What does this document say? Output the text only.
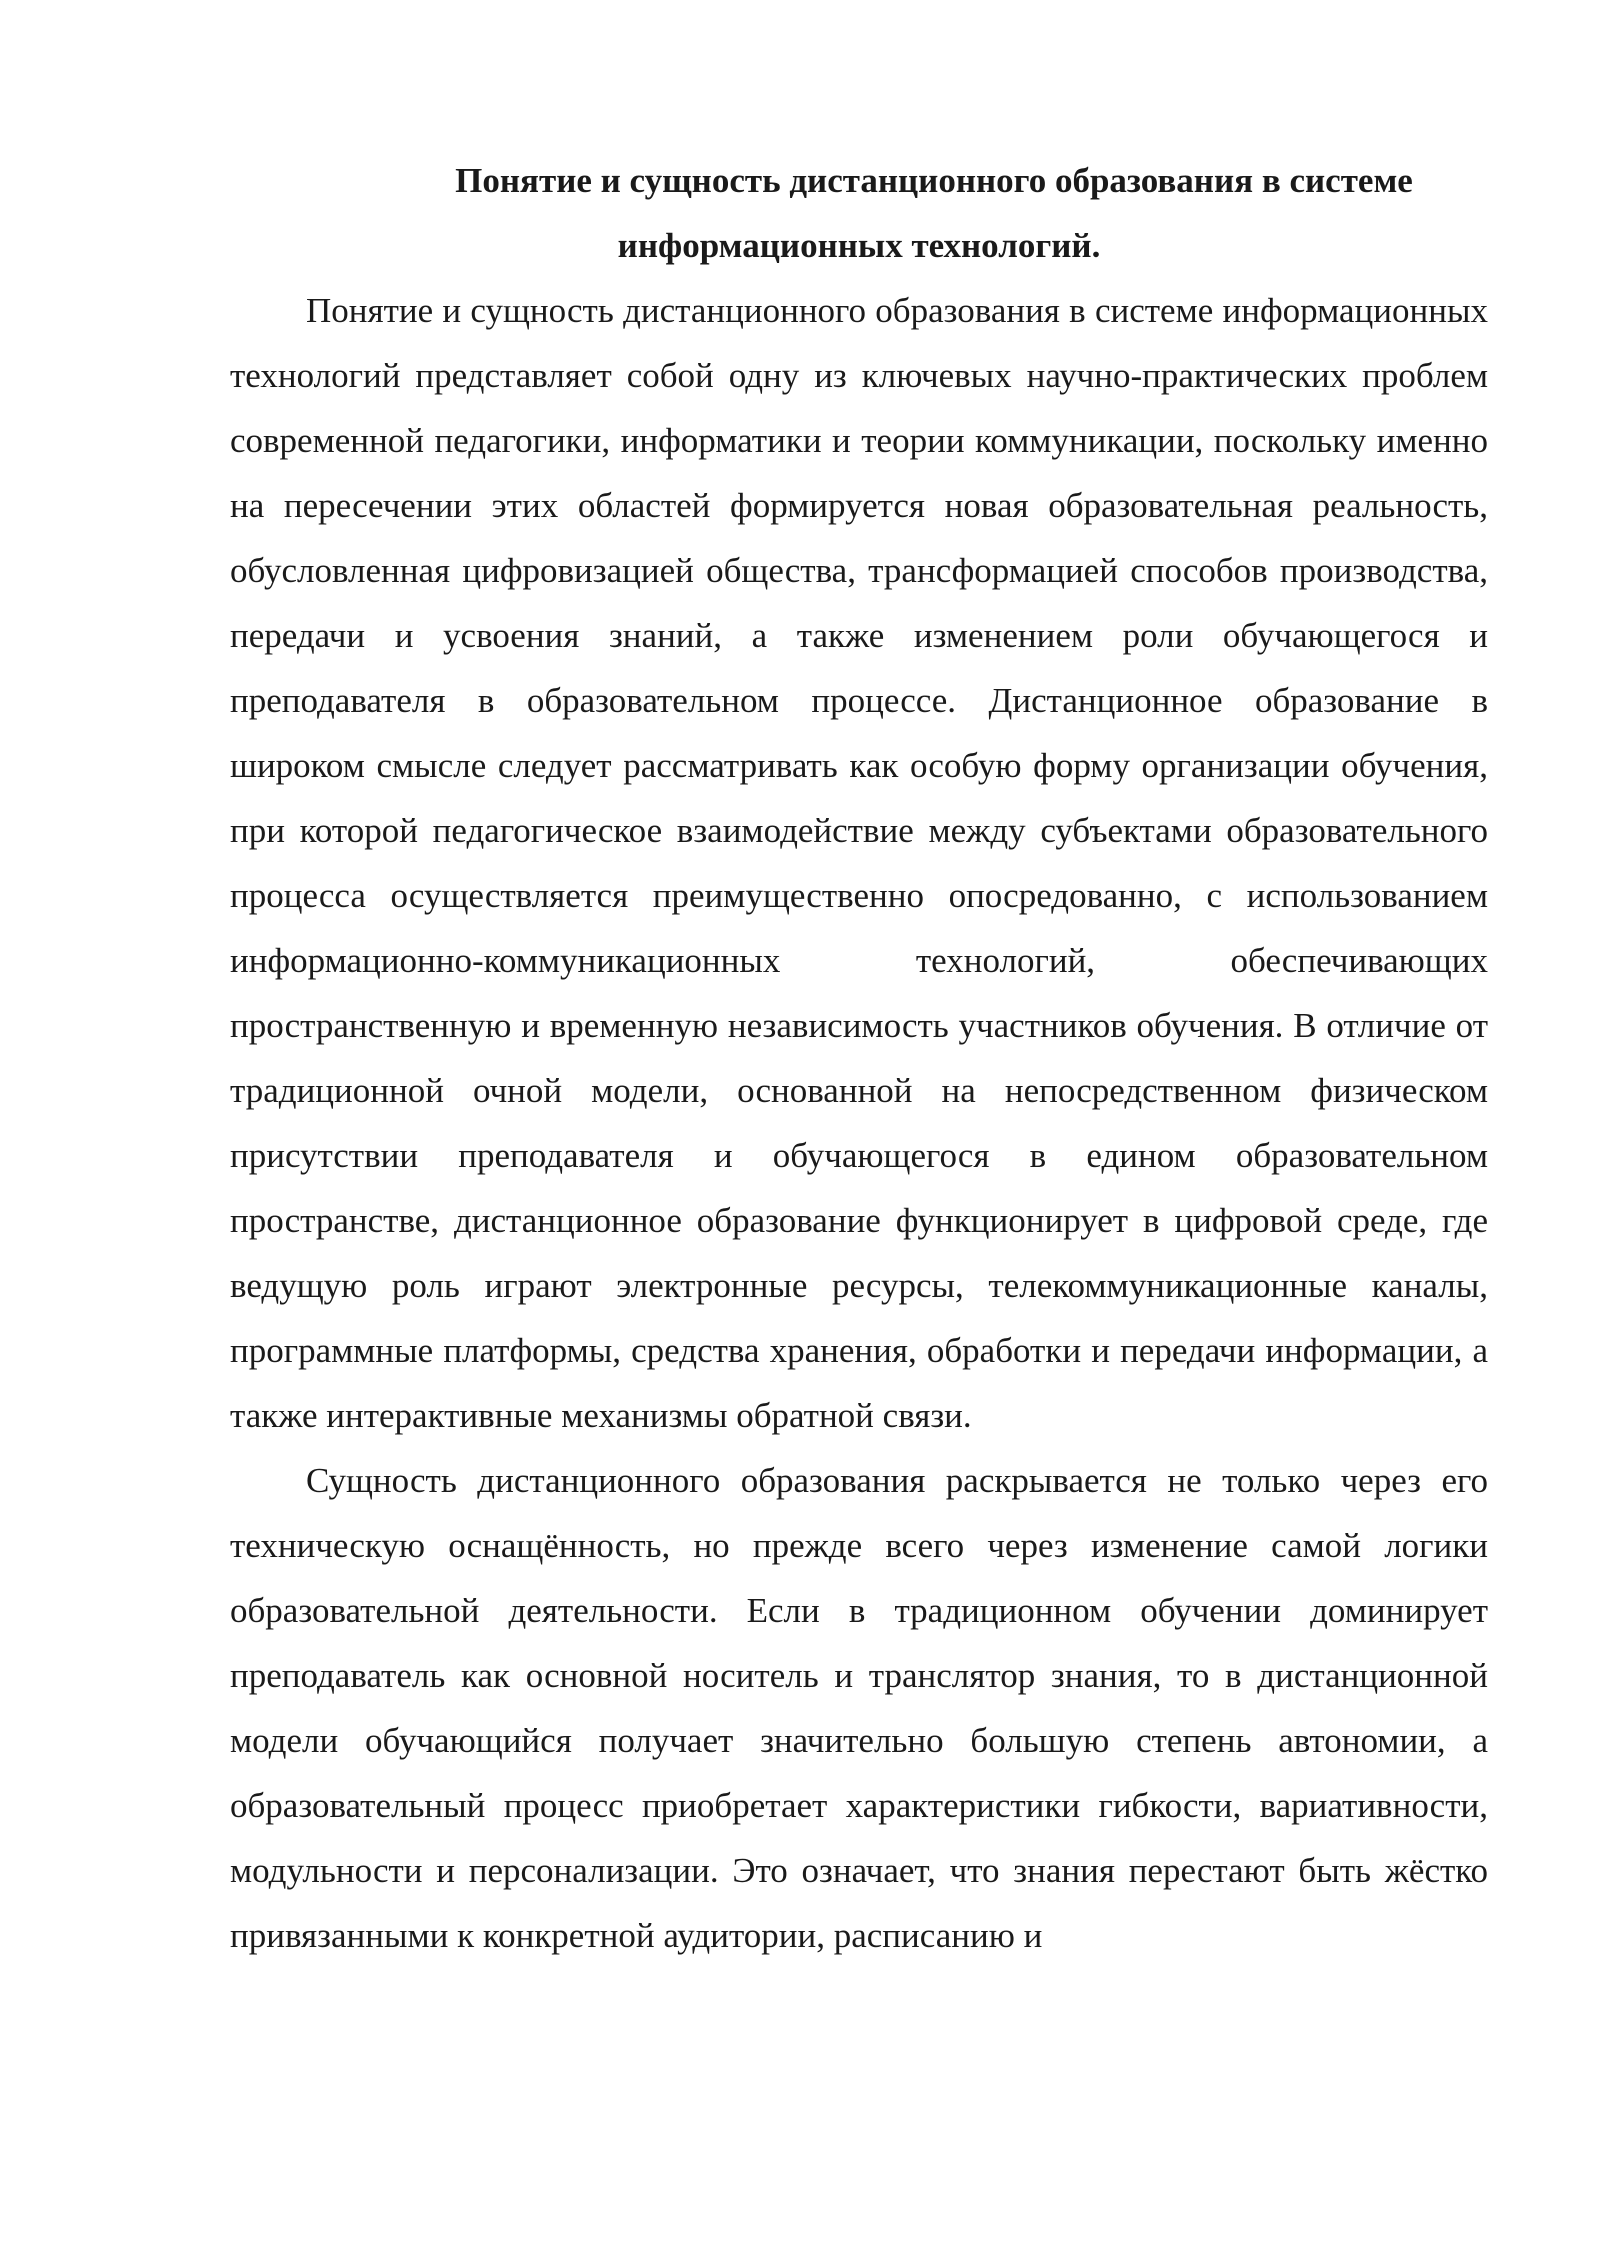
Понятие и сущность дистанционного образования в системе информационных технологий.

Понятие и сущность дистанционного образования в системе информационных технологий представляет собой одну из ключевых научно-практических проблем современной педагогики, информатики и теории коммуникации, поскольку именно на пересечении этих областей формируется новая образовательная реальность, обусловленная цифровизацией общества, трансформацией способов производства, передачи и усвоения знаний, а также изменением роли обучающегося и преподавателя в образовательном процессе. Дистанционное образование в широком смысле следует рассматривать как особую форму организации обучения, при которой педагогическое взаимодействие между субъектами образовательного процесса осуществляется преимущественно опосредованно, с использованием информационно-коммуникационных технологий, обеспечивающих пространственную и временную независимость участников обучения. В отличие от традиционной очной модели, основанной на непосредственном физическом присутствии преподавателя и обучающегося в едином образовательном пространстве, дистанционное образование функционирует в цифровой среде, где ведущую роль играют электронные ресурсы, телекоммуникационные каналы, программные платформы, средства хранения, обработки и передачи информации, а также интерактивные механизмы обратной связи.

Сущность дистанционного образования раскрывается не только через его техническую оснащённость, но прежде всего через изменение самой логики образовательной деятельности. Если в традиционном обучении доминирует преподаватель как основной носитель и транслятор знания, то в дистанционной модели обучающийся получает значительно большую степень автономии, а образовательный процесс приобретает характеристики гибкости, вариативности, модульности и персонализации. Это означает, что знания перестают быть жёстко привязанными к конкретной аудитории, расписанию и
